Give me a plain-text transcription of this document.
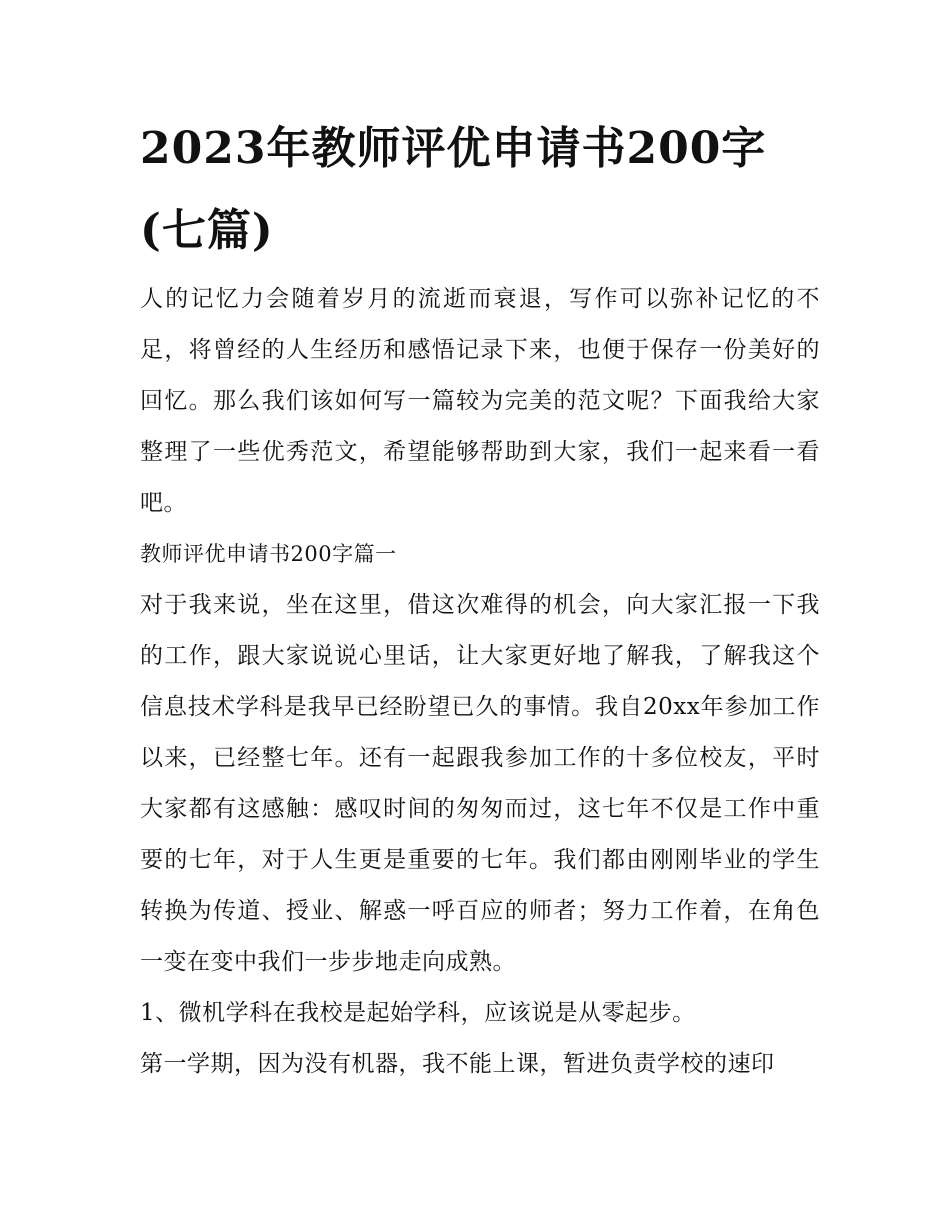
2023年教师评优申请书200字(七篇)

人的记忆力会随着岁月的流逝而衰退，写作可以弥补记忆的不足，将曾经的人生经历和感悟记录下来，也便于保存一份美好的回忆。那么我们该如何写一篇较为完美的范文呢？下面我给大家整理了一些优秀范文，希望能够帮助到大家，我们一起来看一看吧。

教师评优申请书200字篇一

对于我来说，坐在这里，借这次难得的机会，向大家汇报一下我的工作，跟大家说说心里话，让大家更好地了解我，了解我这个信息技术学科是我早已经盼望已久的事情。我自20xx年参加工作以来，已经整七年。还有一起跟我参加工作的十多位校友，平时大家都有这感触：感叹时间的匆匆而过，这七年不仅是工作中重要的七年，对于人生更是重要的七年。我们都由刚刚毕业的学生转换为传道、授业、解惑一呼百应的师者；努力工作着，在角色一变在变中我们一步步地走向成熟。

1、微机学科在我校是起始学科，应该说是从零起步。

第一学期，因为没有机器，我不能上课，暂进负责学校的速印
